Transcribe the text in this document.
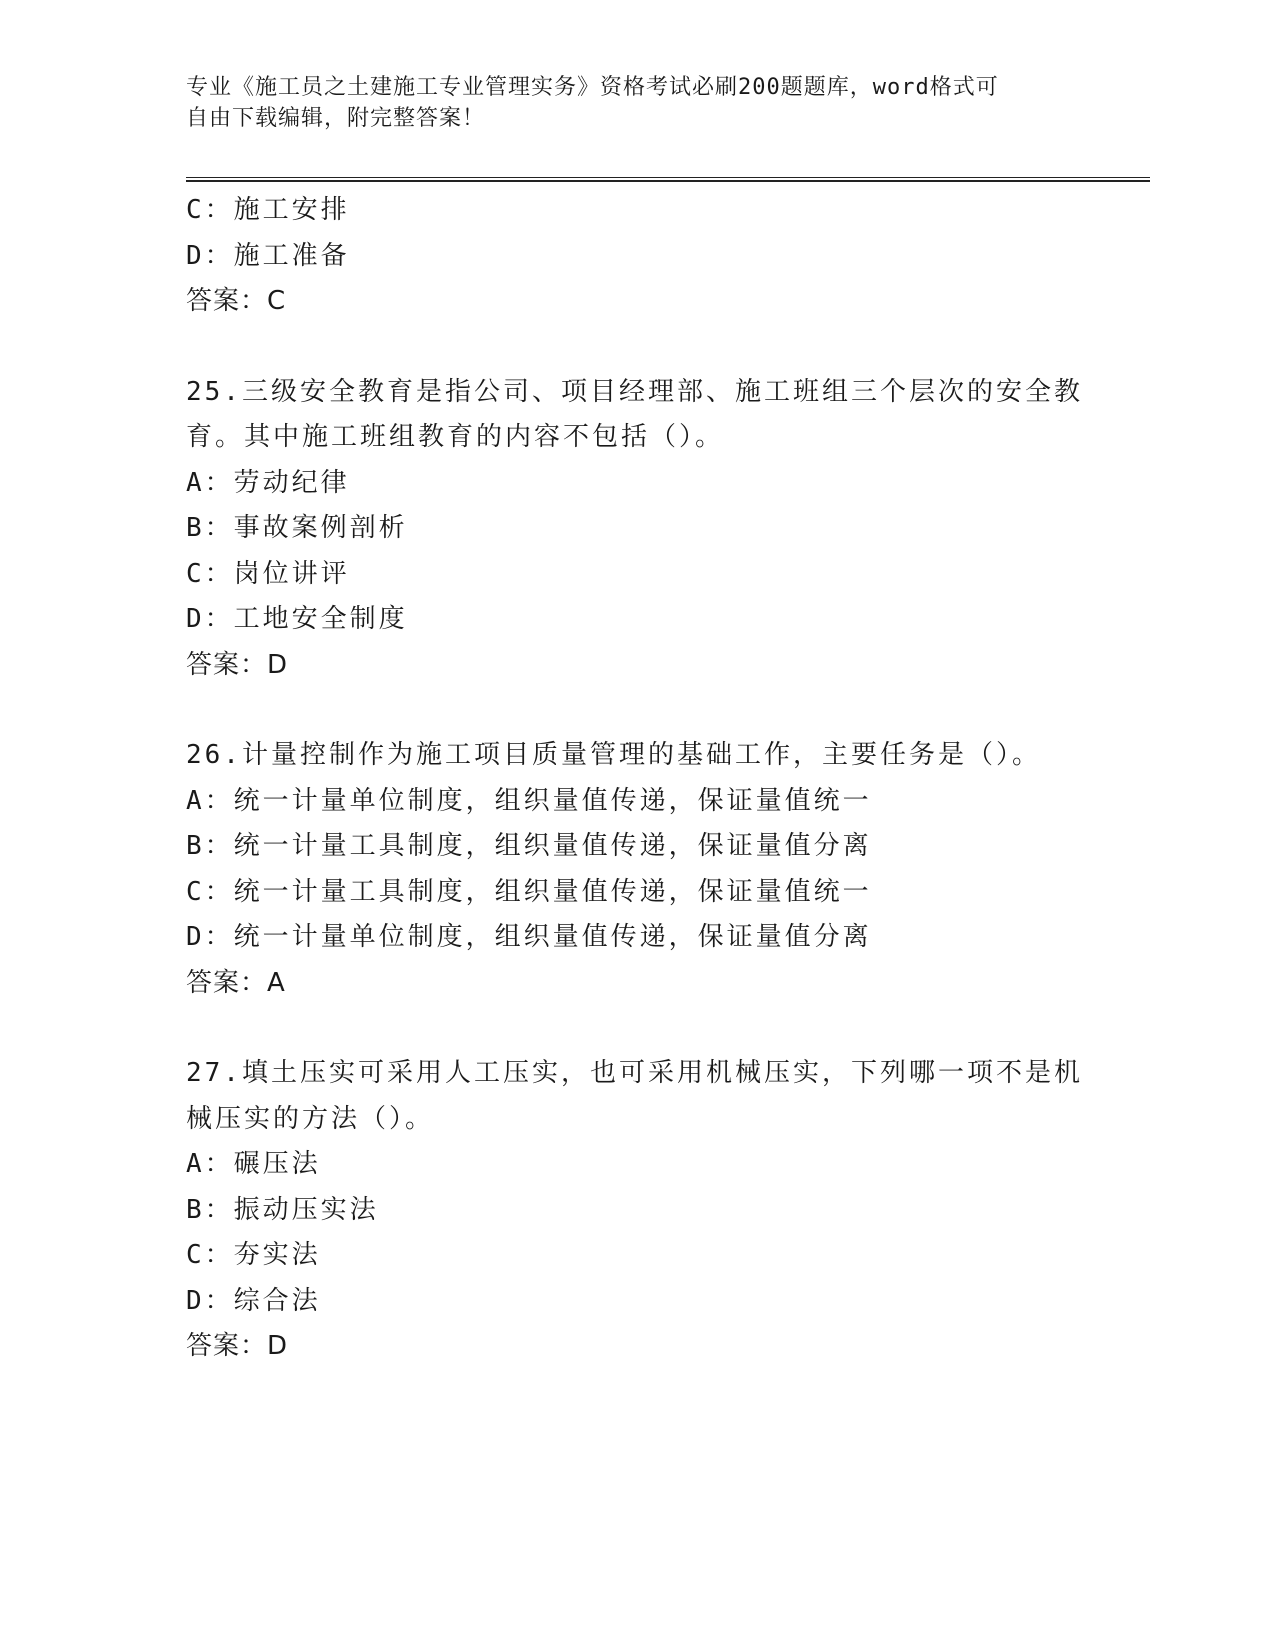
专业《施工员之土建施工专业管理实务》资格考试必刷200题题库，word格式可
自由下载编辑，附完整答案！
C：施工安排
D：施工准备
答案：C
25.三级安全教育是指公司、项目经理部、施工班组三个层次的安全教
育。其中施工班组教育的内容不包括（）。
A：劳动纪律
B：事故案例剖析
C：岗位讲评
D：工地安全制度
答案：D
26.计量控制作为施工项目质量管理的基础工作，主要任务是（）。
A：统一计量单位制度，组织量值传递，保证量值统一
B：统一计量工具制度，组织量值传递，保证量值分离
C：统一计量工具制度，组织量值传递，保证量值统一
D：统一计量单位制度，组织量值传递，保证量值分离
答案：A
27.填土压实可采用人工压实，也可采用机械压实，下列哪一项不是机
械压实的方法（）。
A：碾压法
B：振动压实法
C：夯实法
D：综合法
答案：D
